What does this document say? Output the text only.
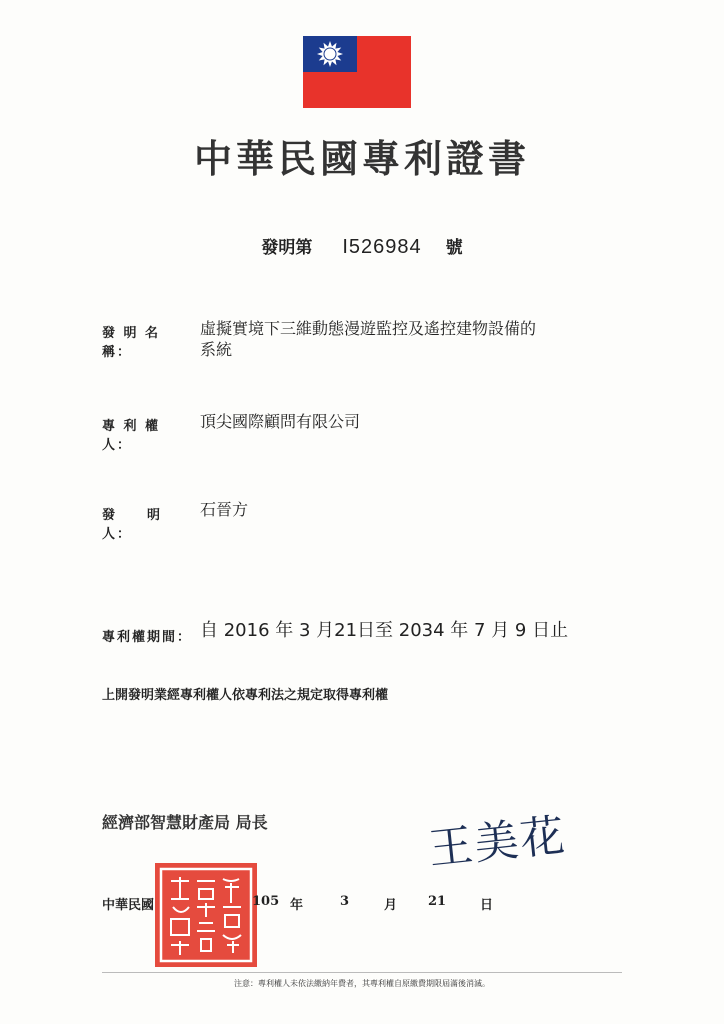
中華民國專利證書
發明第 I526984 號
發 明 名 稱：
虛擬實境下三維動態漫遊監控及遙控建物設備的
系統
專 利 權 人：
頂尖國際顧問有限公司
發　　明　　人：
石晉方
專利權期間： 自 2016 年 3 月21日至 2034 年 7 月 9 日止
上開發明業經專利權人依專利法之規定取得專利權
經濟部智慧財產局 局長	王美花
中華民國	105 年	3	月 21	日
注意：專利權人未依法繳納年費者，其專利權自原繳費期限屆滿後消滅。
